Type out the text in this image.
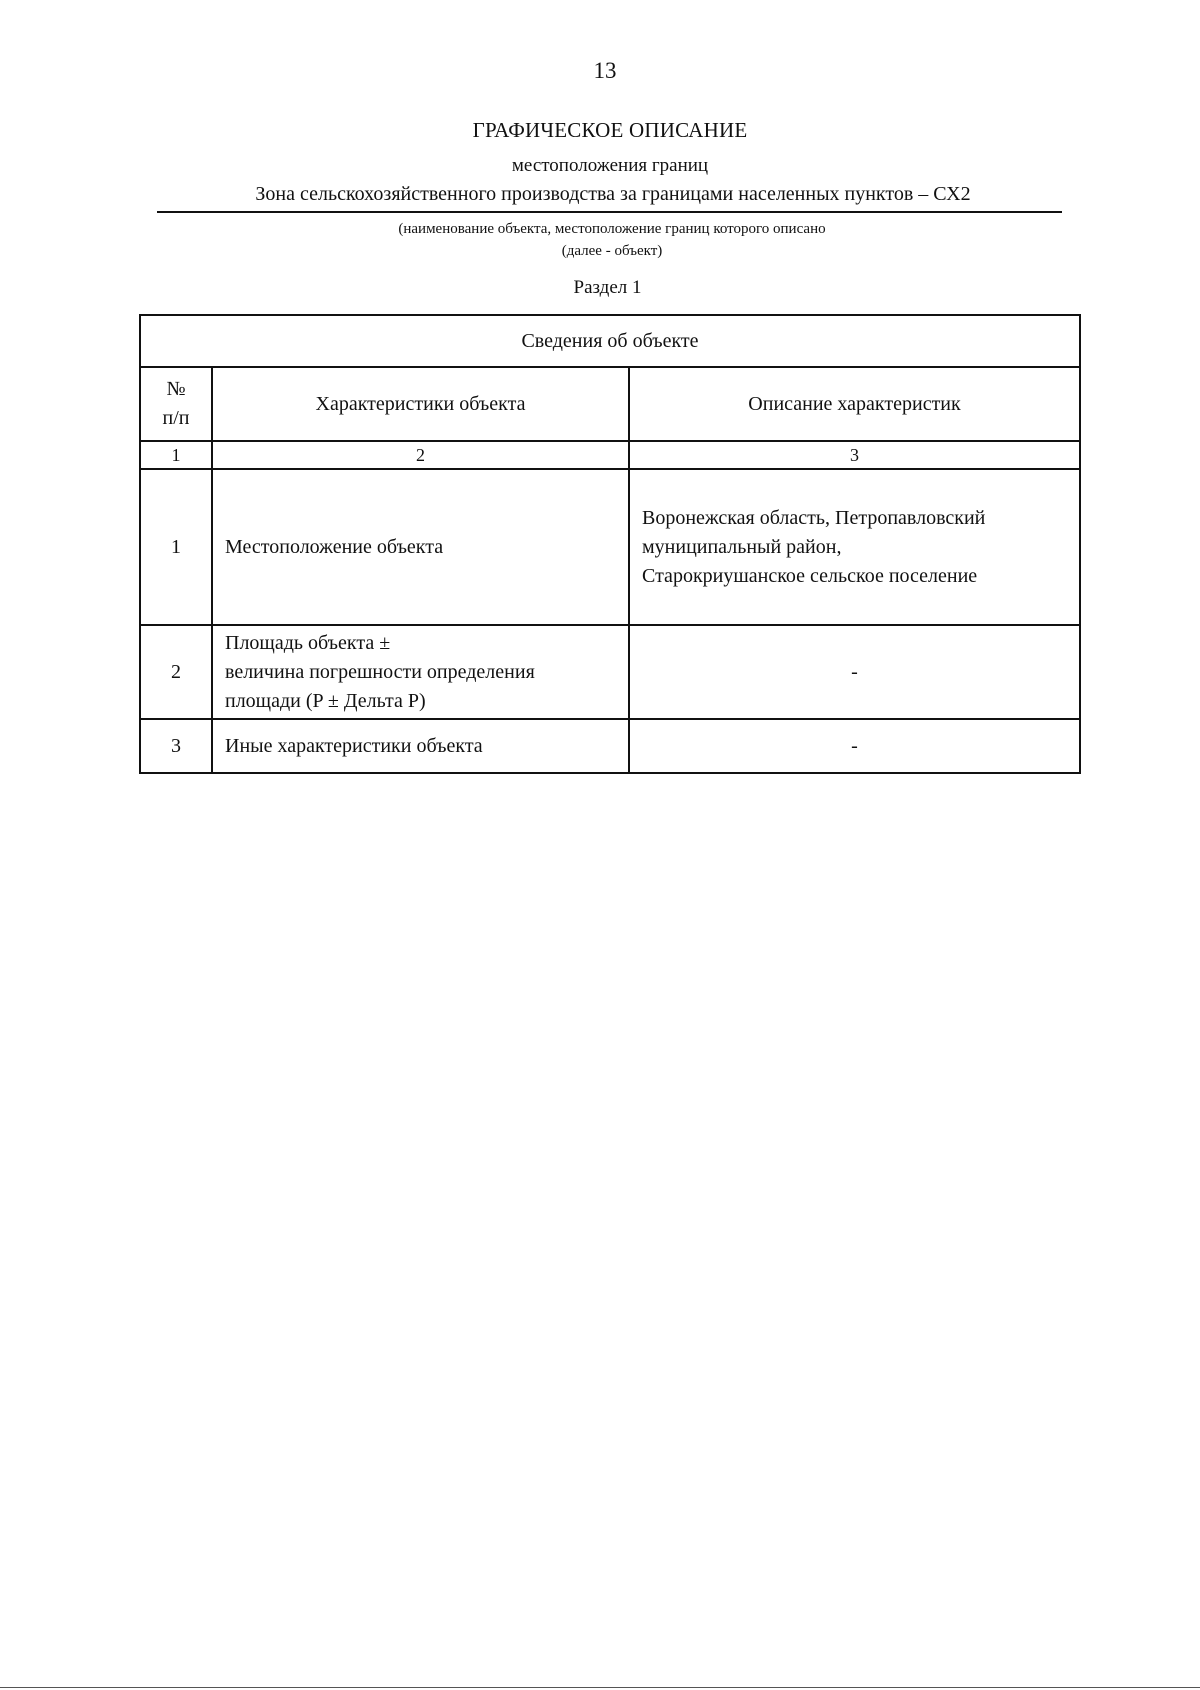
13
ГРАФИЧЕСКОЕ ОПИСАНИЕ
местоположения границ
Зона сельскохозяйственного производства за границами населенных пунктов – СХ2
(наименование объекта, местоположение границ которого описано
(далее - объект)
Раздел 1
Сведения об объекте		
№
п/п	Характеристики объекта	Описание характеристик
1	2	3
1	Местоположение объекта	Воронежская область, Петропавловский
муниципальный район,
Старокриушанское сельское поселение
2	Площадь объекта ±
величина погрешности определения
площади (P ± Дельта P)	-
3	Иные характеристики объекта	-
